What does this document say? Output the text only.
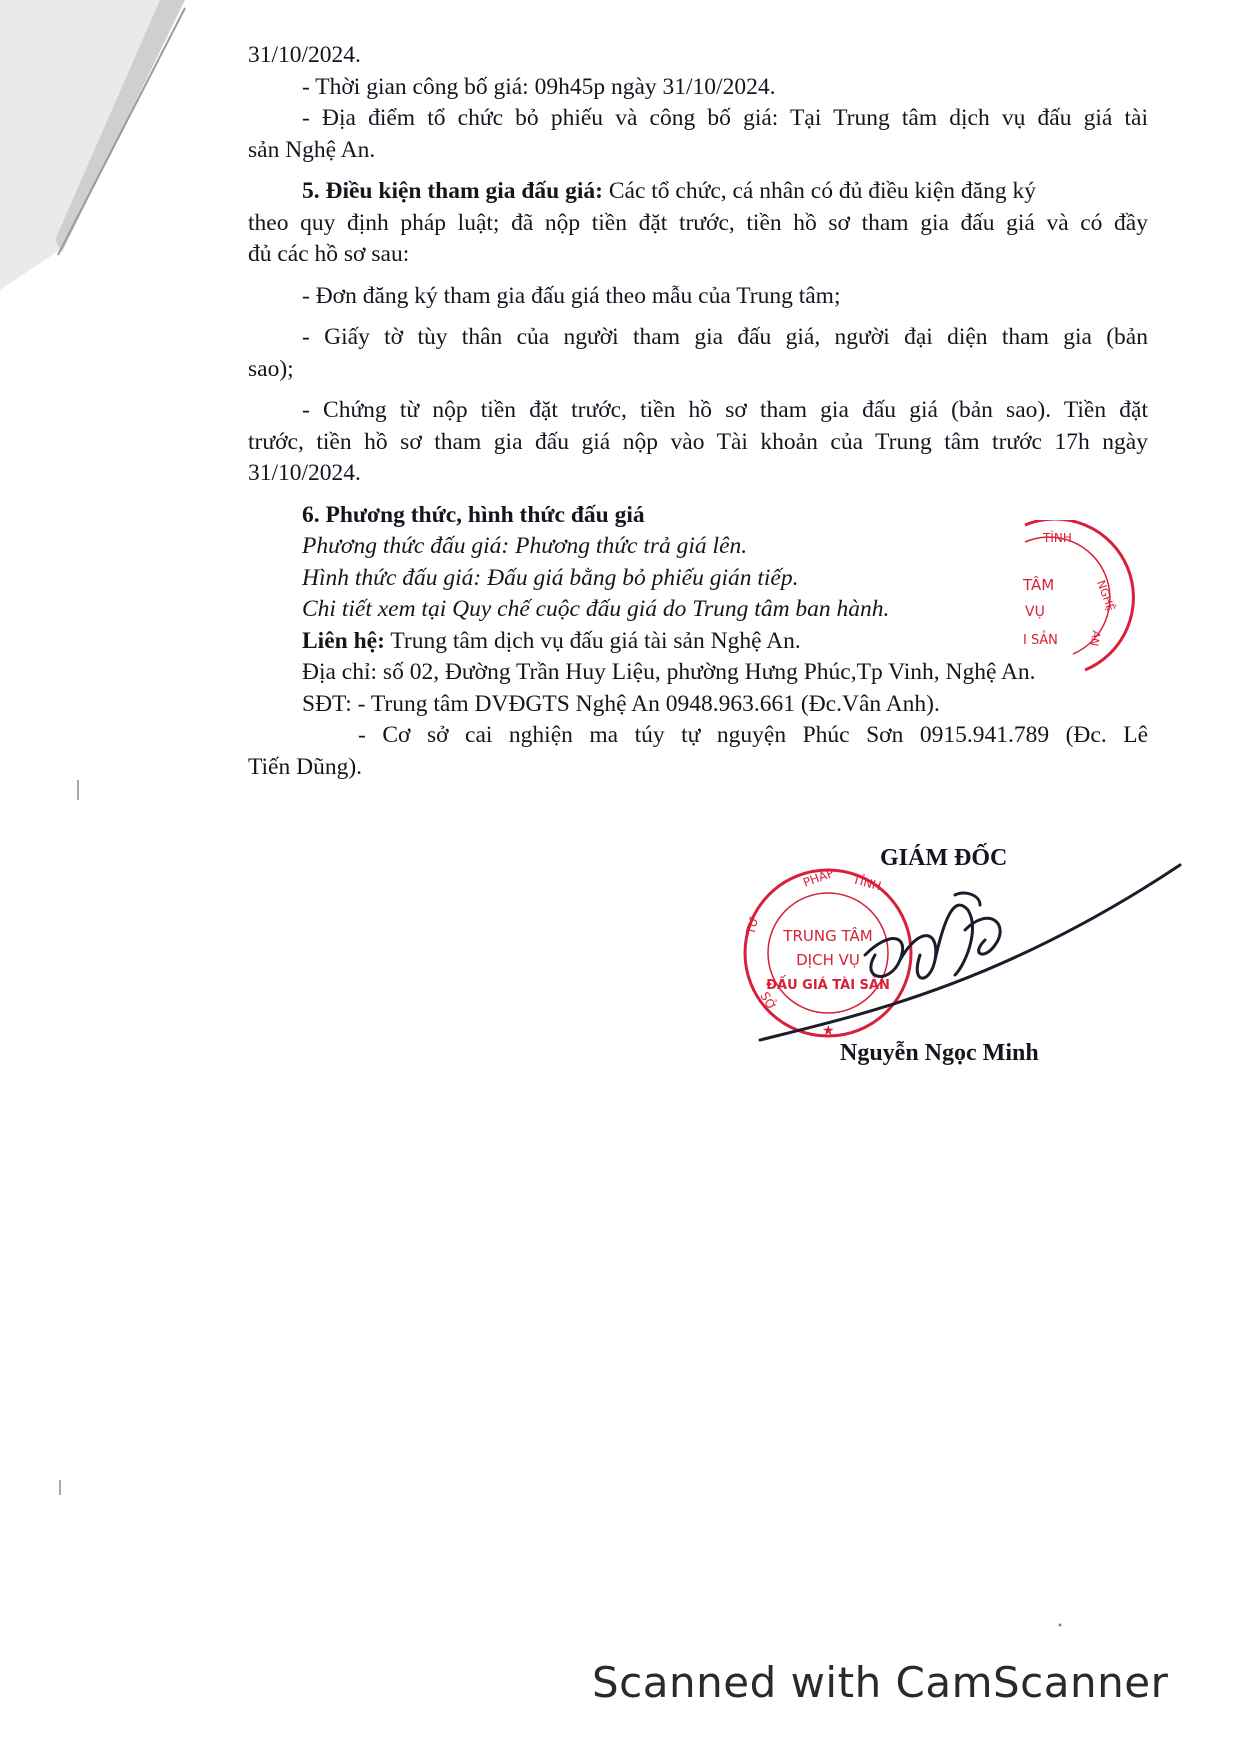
31/10/2024.
- Thời gian công bố giá: 09h45p ngày 31/10/2024.
- Địa điểm tổ chức bỏ phiếu và công bố giá: Tại Trung tâm dịch vụ đấu giá tài
sản Nghệ An.
5. Điều kiện tham gia đấu giá: Các tổ chức, cá nhân có đủ điều kiện đăng ký
theo quy định pháp luật; đã nộp tiền đặt trước, tiền hồ sơ tham gia đấu giá và có đầy
đủ các hồ sơ sau:
- Đơn đăng ký tham gia đấu giá theo mẫu của Trung tâm;
- Giấy tờ tùy thân của người tham gia đấu giá, người đại diện tham gia (bản
sao);
- Chứng từ nộp tiền đặt trước, tiền hồ sơ tham gia đấu giá (bản sao). Tiền đặt
trước, tiền hồ sơ tham gia đấu giá nộp vào Tài khoản của Trung tâm trước 17h ngày
31/10/2024.
6. Phương thức, hình thức đấu giá
Phương thức đấu giá: Phương thức trả giá lên.
Hình thức đấu giá: Đấu giá bằng bỏ phiếu gián tiếp.
Chi tiết xem tại Quy chế cuộc đấu giá do Trung tâm ban hành.
Liên hệ: Trung tâm dịch vụ đấu giá tài sản Nghệ An.
Địa chỉ: số 02, Đường Trần Huy Liệu, phường Hưng Phúc,Tp Vinh, Nghệ An.
SĐT: - Trung tâm DVĐGTS Nghệ An 0948.963.661 (Đc.Vân Anh).
- Cơ sở cai nghiện ma túy tự nguyện Phúc Sơn 0915.941.789 (Đc. Lê
Tiến Dũng).
TÌNH
TÂM
VỤ
I SẢN
NGHỆ
AN
GIÁM ĐỐC
PHÁP TỈNH
TRUNG TÂM
DỊCH VỤ
ĐẤU GIÁ TÀI SẢN
TƯ
SỞ
★
Nguyễn Ngọc Minh
Scanned with CamScanner
